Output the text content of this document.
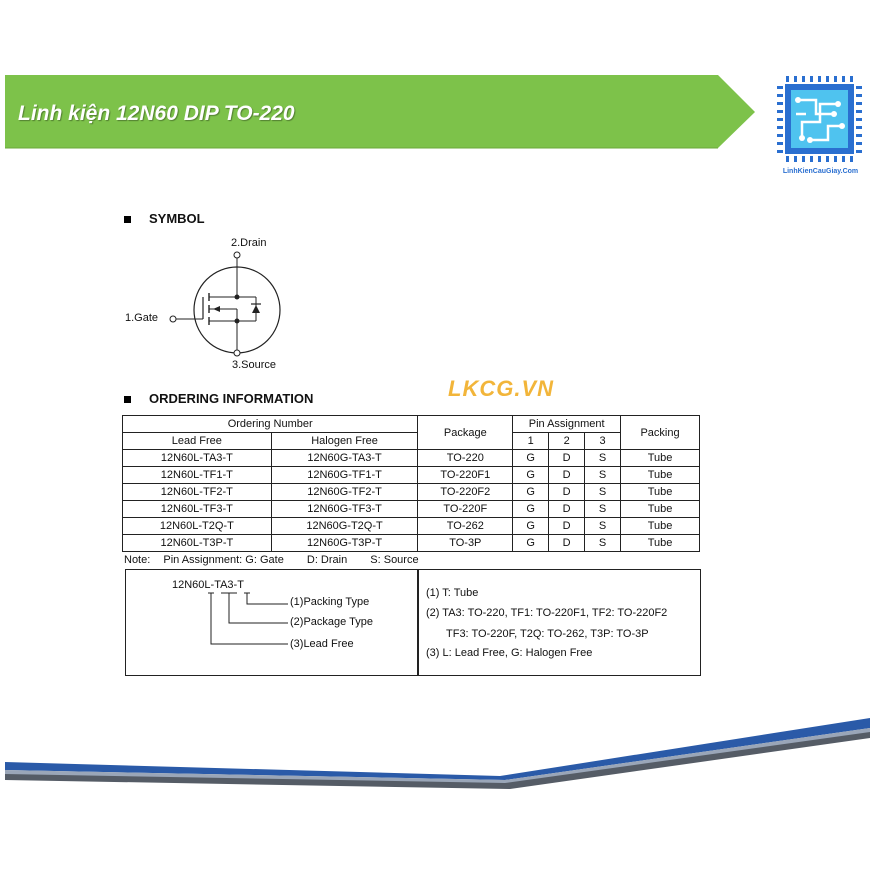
Linh kiện 12N60 DIP TO-220
LinhKienCauGiay.Com
SYMBOL
2.Drain
1.Gate
3.Source
ORDERING INFORMATION	LKCG.VN
Ordering Number		Package	Pin Assignment			Packing
Lead Free	Halogen Free		1	2	3	
12N60L-TA3-T	12N60G-TA3-T	TO-220	G	D	S	Tube
12N60L-TF1-T	12N60G-TF1-T	TO-220F1	G	D	S	Tube
12N60L-TF2-T	12N60G-TF2-T	TO-220F2	G	D	S	Tube
12N60L-TF3-T	12N60G-TF3-T	TO-220F	G	D	S	Tube
12N60L-T2Q-T	12N60G-T2Q-T	TO-262	G	D	S	Tube
12N60L-T3P-T	12N60G-T3P-T	TO-3P	G	D	S	Tube
Note: Pin Assignment: G: Gate D: Drain S: Source
12N60L-TA3-T
(1)Packing Type
(2)Package Type
(3)Lead Free
(1) T: Tube
(2) TA3: TO-220, TF1: TO-220F1, TF2: TO-220F2
TF3: TO-220F, T2Q: TO-262, T3P: TO-3P
(3) L: Lead Free, G: Halogen Free
